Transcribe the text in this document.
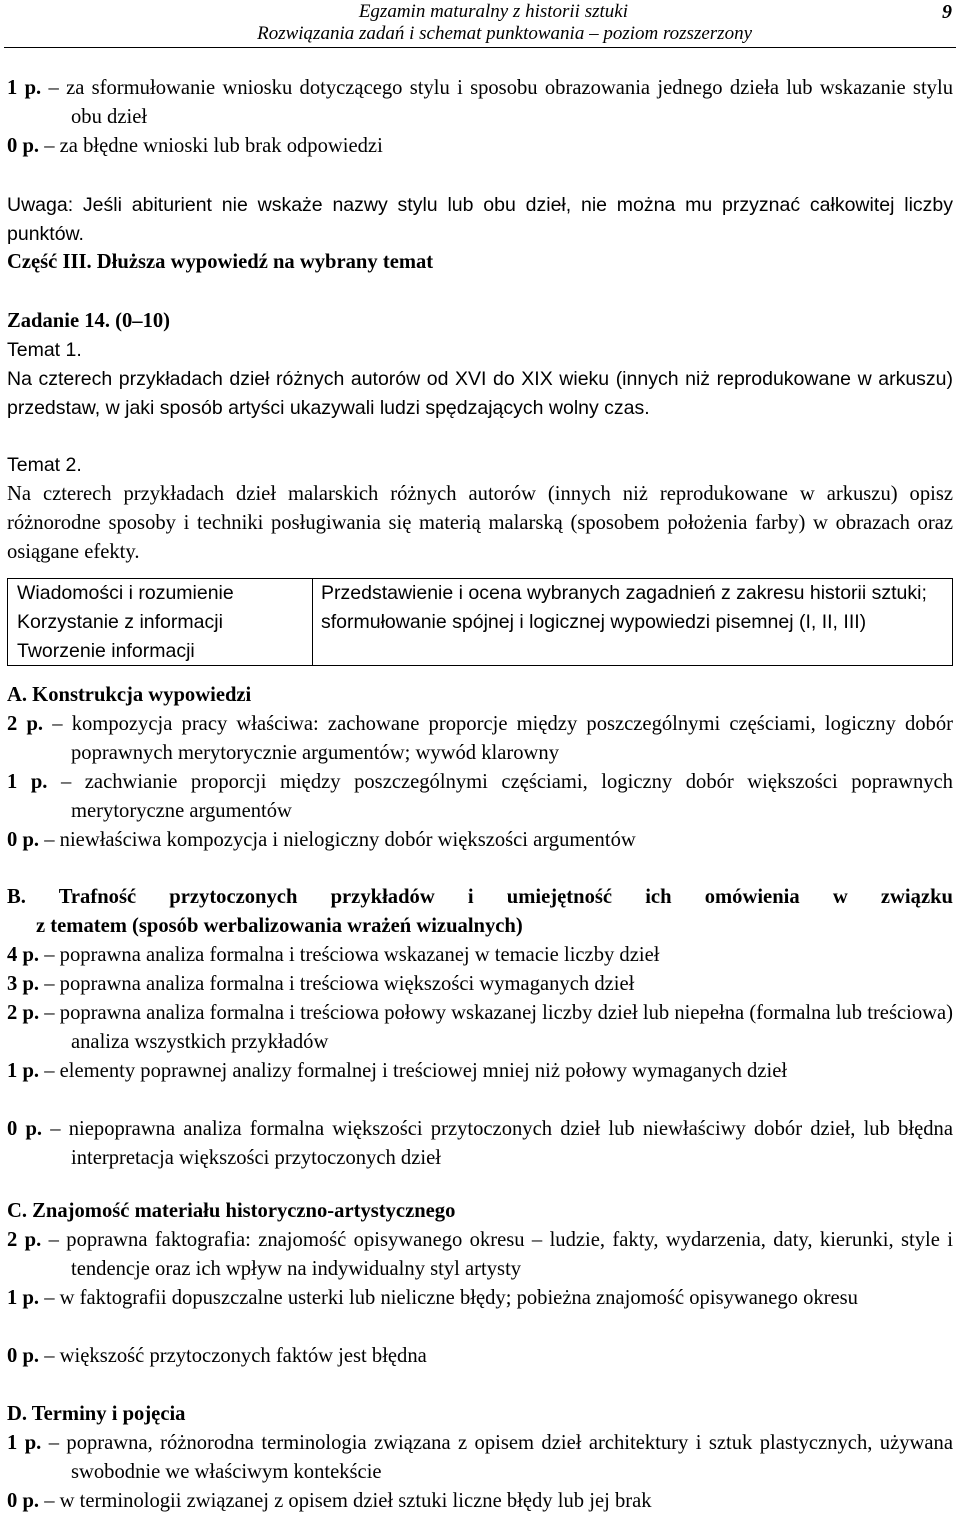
Egzamin maturalny z historii sztuki
Rozwiązania zadań i schemat punktowania – poziom rozszerzony
9
1 p. – za sformułowanie wniosku dotyczącego stylu i sposobu obrazowania jednego dzieła lub wskazanie stylu obu dzieł
0 p. – za błędne wnioski lub brak odpowiedzi
Uwaga: Jeśli abiturient nie wskaże nazwy stylu lub obu dzieł, nie można mu przyznać całkowitej liczby punktów.
Część III. Dłuższa wypowiedź na wybrany temat
Zadanie 14. (0–10)
Temat 1.
Na czterech przykładach dzieł różnych autorów od XVI do XIX wieku (innych niż reprodukowane w arkuszu) przedstaw, w jaki sposób artyści ukazywali ludzi spędzających wolny czas.
Temat 2.
Na czterech przykładach dzieł malarskich różnych autorów (innych niż reprodukowane w arkuszu) opisz różnorodne sposoby i techniki posługiwania się materią malarską (sposobem położenia farby) w obrazach oraz osiągane efekty.
Wiadomości i rozumienie
Korzystanie z informacji
Tworzenie informacji
Przedstawienie i ocena wybranych zagadnień z zakresu historii sztuki; sformułowanie spójnej i logicznej wypowiedzi pisemnej (I, II, III)
A. Konstrukcja wypowiedzi
2 p. – kompozycja pracy właściwa: zachowane proporcje między poszczególnymi częściami, logiczny dobór poprawnych merytorycznie argumentów; wywód klarowny
1 p. – zachwianie proporcji między poszczególnymi częściami, logiczny dobór większości poprawnych merytoryczne argumentów
0 p. – niewłaściwa kompozycja i nielogiczny dobór większości argumentów
B. Trafność przytoczonych przykładów i umiejętność ich omówienia w związku
z tematem (sposób werbalizowania wrażeń wizualnych)
4 p. – poprawna analiza formalna i treściowa wskazanej w temacie liczby dzieł
3 p. – poprawna analiza formalna i treściowa większości wymaganych dzieł
2 p. – poprawna analiza formalna i treściowa połowy wskazanej liczby dzieł lub niepełna (formalna lub treściowa) analiza wszystkich przykładów
1 p. – elementy poprawnej analizy formalnej i treściowej mniej niż połowy wymaganych dzieł
0 p. – niepoprawna analiza formalna większości przytoczonych dzieł lub niewłaściwy dobór dzieł, lub błędna interpretacja większości przytoczonych dzieł
C. Znajomość materiału historyczno-artystycznego
2 p. – poprawna faktografia: znajomość opisywanego okresu – ludzie, fakty, wydarzenia, daty, kierunki, style i tendencje oraz ich wpływ na indywidualny styl artysty
1 p. – w faktografii dopuszczalne usterki lub nieliczne błędy; pobieżna znajomość opisywanego okresu
0 p. – większość przytoczonych faktów jest błędna
D. Terminy i pojęcia
1 p. – poprawna, różnorodna terminologia związana z opisem dzieł architektury i sztuk plastycznych, używana swobodnie we właściwym kontekście
0 p. – w terminologii związanej z opisem dzieł sztuki liczne błędy lub jej brak
